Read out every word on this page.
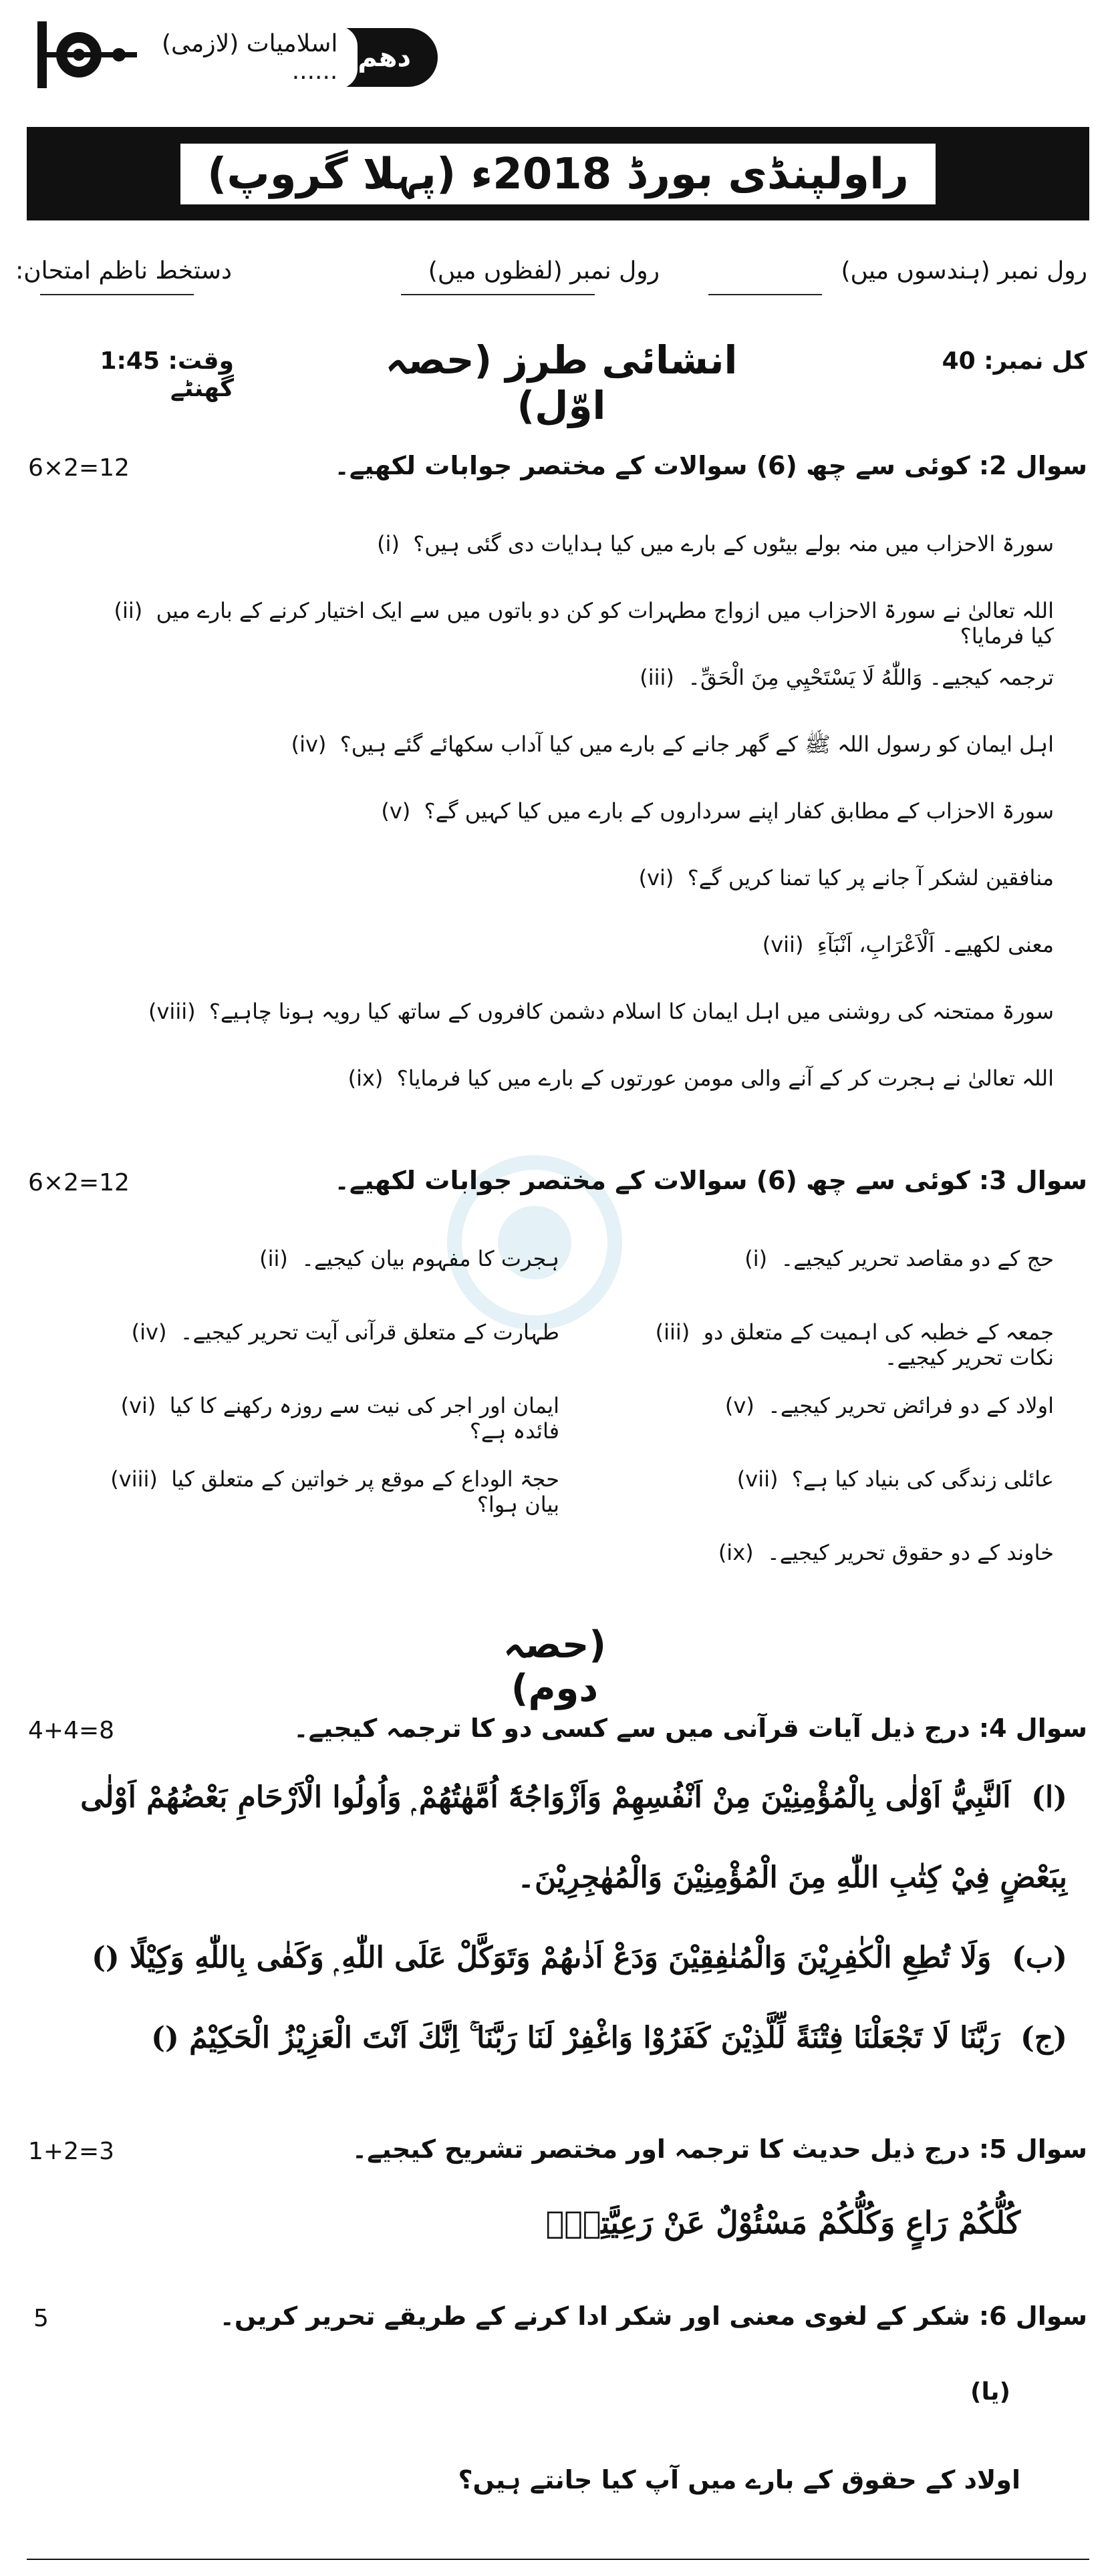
اسلامیات (لازمی) ...... دھم
راولپنڈی بورڈ 2018ء (پہلا گروپ)
رول نمبر (ہندسوں میں)
رول نمبر (لفظوں میں)
دستخط ناظم امتحان:
کل نمبر: 40
انشائی طرز (حصہ اوّل)
وقت: 1:45 گھنٹے
سوال 2: کوئی سے چھ (6) سوالات کے مختصر جوابات لکھیے۔
6×2=12
(i) سورۃ الاحزاب میں منہ بولے بیٹوں کے بارے میں کیا ہدایات دی گئی ہیں؟
(ii) اللہ تعالیٰ نے سورۃ الاحزاب میں ازواج مطہرات کو کن دو باتوں میں سے ایک اختیار کرنے کے بارے میں کیا فرمایا؟
(iii) ترجمہ کیجیے۔ وَاللّٰهُ لَا يَسْتَحْيِي مِنَ الْحَقِّ۔
(iv) اہل ایمان کو رسول اللہ ﷺ کے گھر جانے کے بارے میں کیا آداب سکھائے گئے ہیں؟
(v) سورۃ الاحزاب کے مطابق کفار اپنے سرداروں کے بارے میں کیا کہیں گے؟
(vi) منافقین لشکر آ جانے پر کیا تمنا کریں گے؟
(vii) معنی لکھیے۔ اَلْاَعْرَابِ، اَنْبَآءِ
(viii) سورۃ ممتحنہ کی روشنی میں اہل ایمان کا اسلام دشمن کافروں کے ساتھ کیا رویہ ہونا چاہیے؟
(ix) اللہ تعالیٰ نے ہجرت کر کے آنے والی مومن عورتوں کے بارے میں کیا فرمایا؟
سوال 3: کوئی سے چھ (6) سوالات کے مختصر جوابات لکھیے۔
6×2=12
(i) حج کے دو مقاصد تحریر کیجیے۔
(iii) جمعہ کے خطبہ کی اہمیت کے متعلق دو نکات تحریر کیجیے۔
(v) اولاد کے دو فرائض تحریر کیجیے۔
(vii) عائلی زندگی کی بنیاد کیا ہے؟
(ix) خاوند کے دو حقوق تحریر کیجیے۔
(ii) ہجرت کا مفہوم بیان کیجیے۔
(iv) طہارت کے متعلق قرآنی آیت تحریر کیجیے۔
(vi) ایمان اور اجر کی نیت سے روزہ رکھنے کا کیا فائدہ ہے؟
(viii) حجۃ الوداع کے موقع پر خواتین کے متعلق کیا بیان ہوا؟
(حصہ دوم)
سوال 4: درج ذیل آیات قرآنی میں سے کسی دو کا ترجمہ کیجیے۔
4+4=8
(ا)  اَلنَّبِيُّ اَوْلٰى بِالْمُؤْمِنِيْنَ مِنْ اَنْفُسِهِمْ وَاَزْوَاجُهٗٓ اُمَّهٰتُهُمْ ۭ وَاُولُوا الْاَرْحَامِ بَعْضُهُمْ اَوْلٰى
بِبَعْضٍ فِيْ كِتٰبِ اللّٰهِ مِنَ الْمُؤْمِنِيْنَ وَالْمُهٰجِرِيْنَ۔
(ب)  وَلَا تُطِعِ الْكٰفِرِيْنَ وَالْمُنٰفِقِيْنَ وَدَعْ اَذٰىهُمْ وَتَوَكَّلْ عَلَى اللّٰهِ ۭ وَكَفٰى بِاللّٰهِ وَكِيْلًا ()
(ج)  رَبَّنَا لَا تَجْعَلْنَا فِتْنَةً لِّلَّذِيْنَ كَفَرُوْا وَاغْفِرْ لَنَا رَبَّنَا ۚ اِنَّكَ اَنْتَ الْعَزِيْزُ الْحَكِيْمُ ()
سوال 5: درج ذیل حدیث کا ترجمہ اور مختصر تشریح کیجیے۔
1+2=3
كُلُّكُمْ رَاعٍ وَكُلُّكُمْ مَسْئُوْلٌ عَنْ رَعِيَّتِهٖ۔
سوال 6: شکر کے لغوی معنی اور شکر ادا کرنے کے طریقے تحریر کریں۔
5
(یا)
اولاد کے حقوق کے بارے میں آپ کیا جانتے ہیں؟
